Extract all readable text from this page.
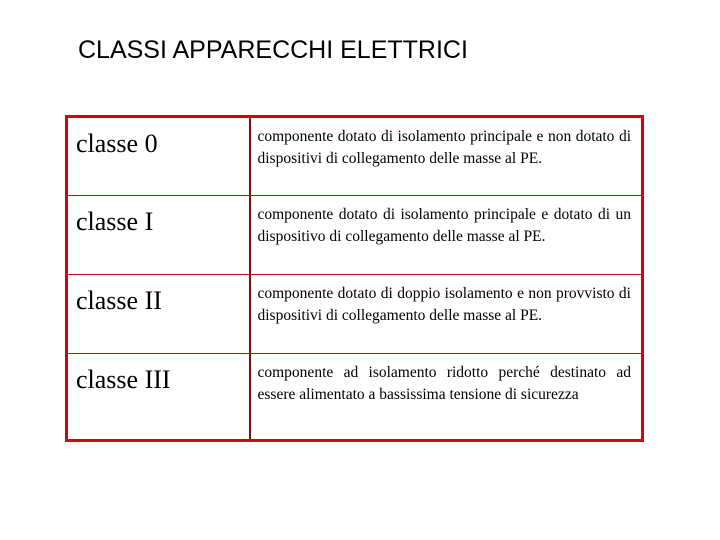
CLASSI APPARECCHI ELETTRICI
classe 0	componente dotato di isolamento principale e non dotato di dispositivi di collegamento delle masse al PE.
classe I	componente dotato di isolamento principale e dotato di un dispositivo di collegamento delle masse al PE.
classe II	componente dotato di doppio isolamento e non provvisto di dispositivi di collegamento delle masse al PE.
classe III	componente ad isolamento ridotto perché destinato ad essere alimentato a bassissima tensione di sicurezza
